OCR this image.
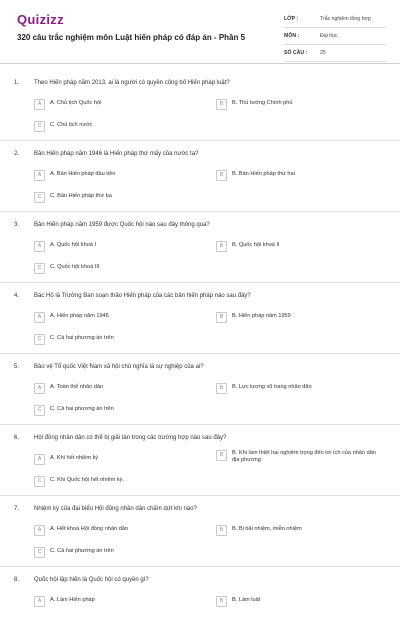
Quizizz
320 câu trắc nghiệm môn Luật hiến pháp có đáp án - Phần 5
LỚP :	Trắc nghiệm tổng hợp
MÔN :	Đại học
SỐ CÂU :	25
1. Theo Hiến pháp năm 2013, ai là người có quyền công bố Hiến pháp luật?
A	A. Chủ tịch Quốc hội	B	B. Thủ tướng Chính phủ
C	C. Chủ tịch nước
2. Bản Hiến pháp năm 1946 là Hiến pháp thứ mấy của nước ta?
A	A. Bản Hiến pháp đầu tiên	B	B. Bản Hiến pháp thứ hai
C	C. Bản Hiến pháp thứ ba
3. Bản Hiến pháp năm 1959 được Quốc hội nào sau đây thông qua?
A	A. Quốc hội khoá I	B	B. Quốc hội khoá II
C	C. Quốc hội khoá III
4. Bác Hồ là Trưởng Ban soạn thảo Hiến pháp của các bản hiến pháp nào sau đây?
A	A. Hiến pháp năm 1946	B	B. Hiến pháp năm 1959
C	C. Cả hai phương án trên
5. Bảo vệ Tổ quốc Việt Nam xã hội chủ nghĩa là sự nghiệp của ai?
A	A. Toàn thể nhân dân	B	B. Lực lượng vũ trang nhân dân
C	C. Cả hai phương án trên
6. Hội đồng nhân dân có thể bị giải tán trong các trường hợp nào sau đây?
A	A. Khi hết nhiệm kỳ	B	B. Khi làm thiệt hại nghiêm trọng đến lợi ích của nhân dân địa phương
C	C. Khi Quốc hội hết nhiệm kỳ.
7. Nhiệm kỳ của đại biểu Hội đồng nhân dân chấm dứt khi nào?
A	A. Hết khoá Hội đồng nhân dân	B	B. Bị bãi nhiệm, miễn nhiệm
C	C. Cả hai phương án trên
8. Quốc hội lập hiến là Quốc hội có quyền gì?
A	A. Làm Hiến pháp	B	B. Làm luật
